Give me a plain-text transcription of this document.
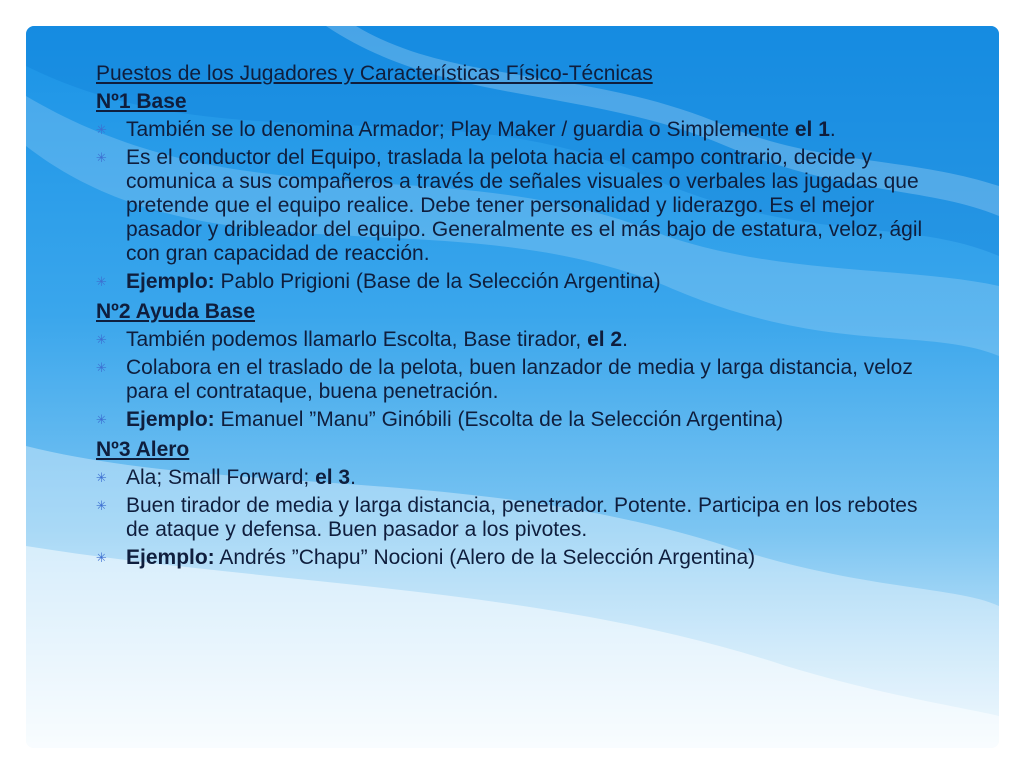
Puestos de los Jugadores y Características Físico-Técnicas

Nº1 Base

✳ También se lo denomina Armador; Play Maker / guardia o Simplemente el 1.
✳ Es el conductor del Equipo, traslada la pelota hacia el campo contrario, decide y comunica a sus compañeros a través de señales visuales o verbales las jugadas que pretende que el equipo realice. Debe tener personalidad y liderazgo. Es el mejor pasador y dribleador del equipo. Generalmente es el más bajo de estatura, veloz, ágil con gran capacidad de reacción.
✳ Ejemplo: Pablo Prigioni (Base de la Selección Argentina)

Nº2 Ayuda Base

✳ También podemos llamarlo Escolta, Base tirador, el 2.
✳ Colabora en el traslado de la pelota, buen lanzador de media y larga distancia, veloz para el contrataque, buena penetración.
✳ Ejemplo: Emanuel ”Manu” Ginóbili (Escolta de la Selección Argentina)

Nº3 Alero

✳ Ala; Small Forward; el 3.
✳ Buen tirador de media y larga distancia, penetrador. Potente. Participa en los rebotes de ataque y defensa. Buen pasador a los pivotes.
✳ Ejemplo: Andrés ”Chapu” Nocioni (Alero de la Selección Argentina)
